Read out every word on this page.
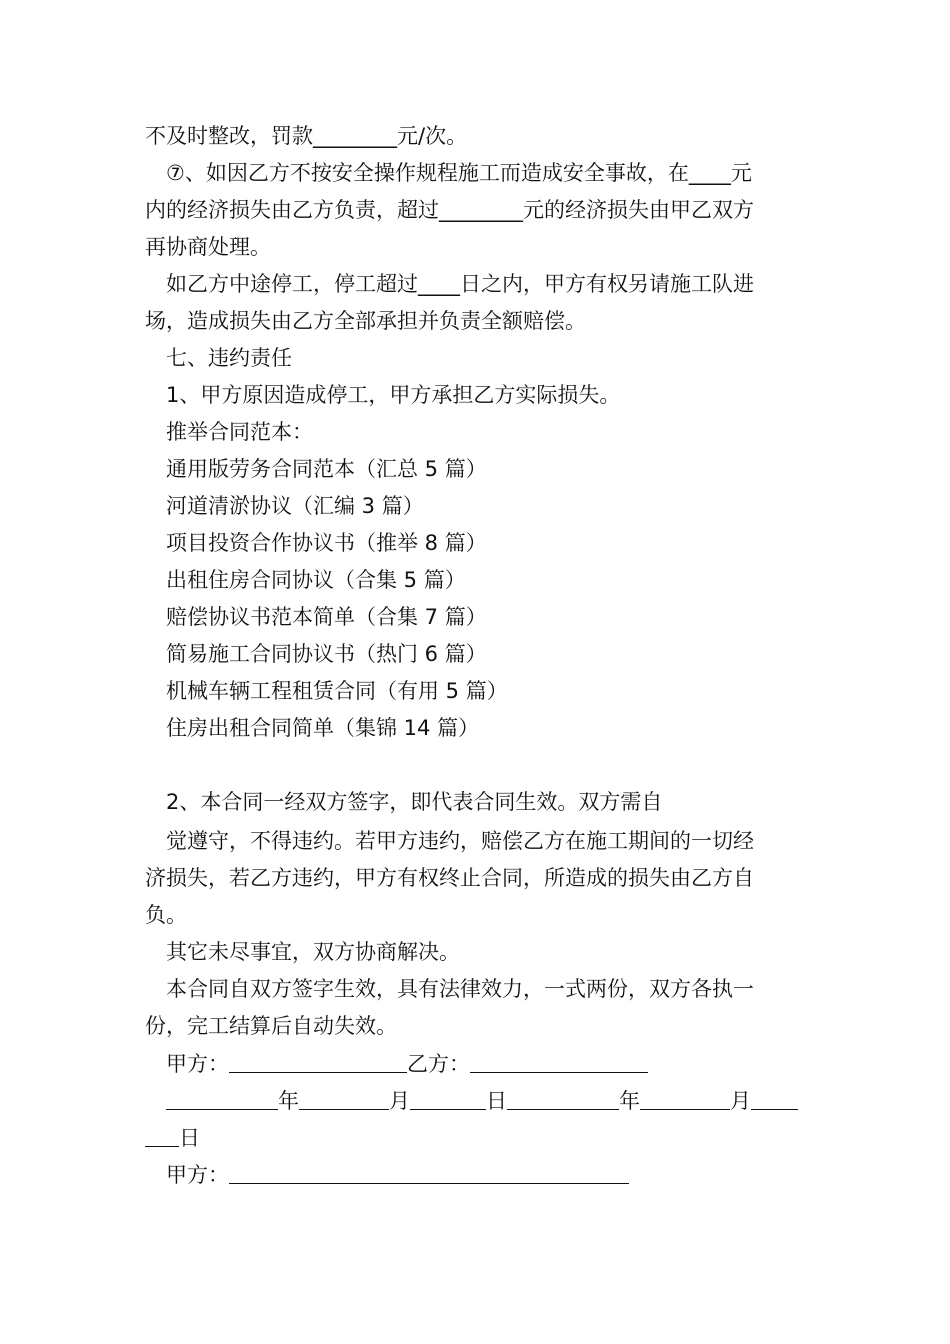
不及时整改，罚款________元/次。
⑦、如因乙方不按安全操作规程施工而造成安全事故，在____元
内的经济损失由乙方负责，超过________元的经济损失由甲乙双方
再协商处理。
如乙方中途停工，停工超过____日之内，甲方有权另请施工队进
场，造成损失由乙方全部承担并负责全额赔偿。
七、违约责任
1、甲方原因造成停工，甲方承担乙方实际损失。
推举合同范本：
通用版劳务合同范本（汇总 5 篇）
河道清淤协议（汇编 3 篇）
项目投资合作协议书（推举 8 篇）
出租住房合同协议（合集 5 篇）
赔偿协议书范本简单（合集 7 篇）
简易施工合同协议书（热门 6 篇）
机械车辆工程租赁合同（有用 5 篇）
住房出租合同简单（集锦 14 篇）
2、本合同一经双方签字，即代表合同生效。双方需自
觉遵守，不得违约。若甲方违约，赔偿乙方在施工期间的一切经
济损失，若乙方违约，甲方有权终止合同，所造成的损失由乙方自
负。
其它未尽事宜，双方协商解决。
本合同自双方签字生效，具有法律效力，一式两份，双方各执一
份，完工结算后自动失效。
甲方：	乙方：
年	月	日	年	月
日
甲方：
